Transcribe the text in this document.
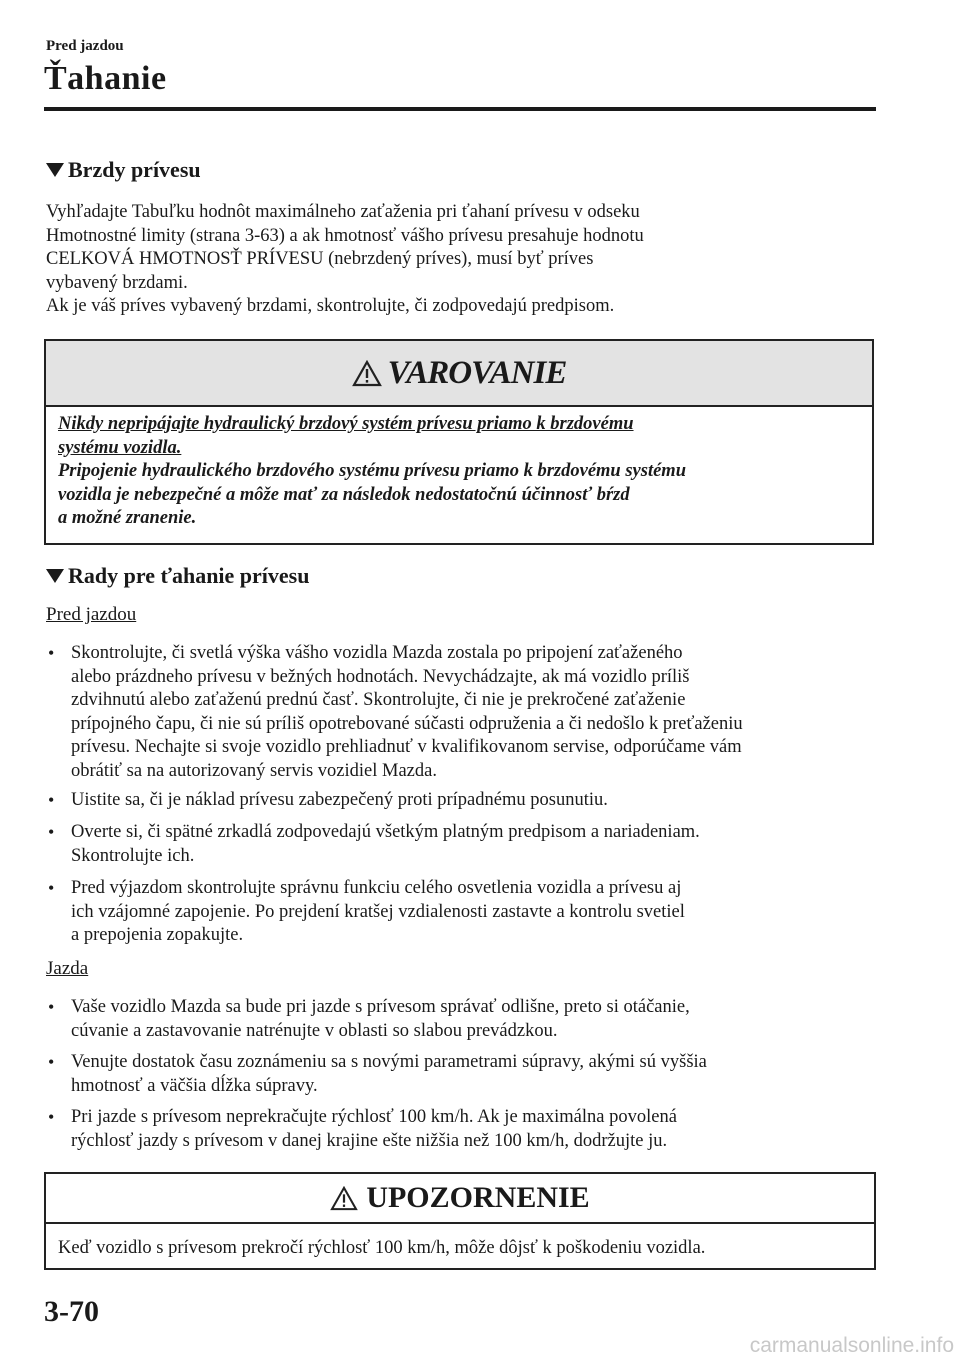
Pred jazdou
Ťahanie
Brzdy prívesu
Vyhľadajte Tabuľku hodnôt maximálneho zaťaženia pri ťahaní prívesu v odseku
Hmotnostné limity (strana 3-63) a ak hmotnosť vášho prívesu presahuje hodnotu
CELKOVÁ HMOTNOSŤ PRÍVESU (nebrzdený príves), musí byť príves
vybavený brzdami.
Ak je váš príves vybavený brzdami, skontrolujte, či zodpovedajú predpisom.
VAROVANIE
Nikdy nepripájajte hydraulický brzdový systém prívesu priamo k brzdovému
systému vozidla.
Pripojenie hydraulického brzdového systému prívesu priamo k brzdovému systému
vozidla je nebezpečné a môže mať za následok nedostatočnú účinnosť bŕzd
a možné zranenie.
Rady pre ťahanie prívesu
Pred jazdou
• Skontrolujte, či svetlá výška vášho vozidla Mazda zostala po pripojení zaťaženého
alebo prázdneho prívesu v bežných hodnotách. Nevychádzajte, ak má vozidlo príliš
zdvihnutú alebo zaťaženú prednú časť. Skontrolujte, či nie je prekročené zaťaženie
prípojného čapu, či nie sú príliš opotrebované súčasti odpruženia a či nedošlo k preťaženiu
prívesu. Nechajte si svoje vozidlo prehliadnuť v kvalifikovanom servise, odporúčame vám
obrátiť sa na autorizovaný servis vozidiel Mazda.
• Uistite sa, či je náklad prívesu zabezpečený proti prípadnému posunutiu.
• Overte si, či spätné zrkadlá zodpovedajú všetkým platným predpisom a nariadeniam.
Skontrolujte ich.
• Pred výjazdom skontrolujte správnu funkciu celého osvetlenia vozidla a prívesu aj
ich vzájomné zapojenie. Po prejdení kratšej vzdialenosti zastavte a kontrolu svetiel
a prepojenia zopakujte.
Jazda
• Vaše vozidlo Mazda sa bude pri jazde s prívesom správať odlišne, preto si otáčanie,
cúvanie a zastavovanie natrénujte v oblasti so slabou prevádzkou.
• Venujte dostatok času zoznámeniu sa s novými parametrami súpravy, akými sú vyššia
hmotnosť a väčšia dĺžka súpravy.
• Pri jazde s prívesom neprekračujte rýchlosť 100 km/h. Ak je maximálna povolená
rýchlosť jazdy s prívesom v danej krajine ešte nižšia než 100 km/h, dodržujte ju.
UPOZORNENIE
Keď vozidlo s prívesom prekročí rýchlosť 100 km/h, môže dôjsť k poškodeniu vozidla.
3-70
carmanualsonline.info
